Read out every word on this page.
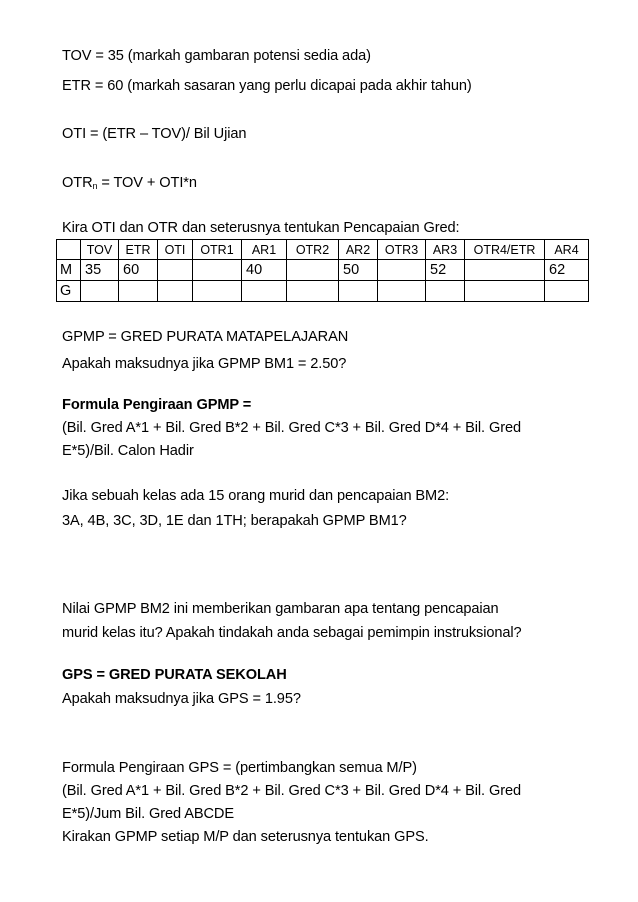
TOV = 35 (markah gambaran potensi sedia ada)
ETR = 60 (markah sasaran yang perlu dicapai pada akhir tahun)
OTI = (ETR – TOV)/ Bil Ujian
$OTR_n$ = TOV + OTI*n
Kira OTI dan OTR dan seterusnya tentukan Pencapaian Gred:
	TOV	ETR	OTI	OTR1	AR1	OTR2	AR2	OTR3	AR3	OTR4/ETR	AR4
M	35	60			40		50		52		62
G											
GPMP = GRED PURATA MATAPELAJARAN
Apakah maksudnya jika GPMP BM1 = 2.50?
Formula Pengiraan GPMP =
(Bil. Gred A*1 + Bil. Gred B*2 + Bil. Gred C*3 + Bil. Gred D*4 + Bil. Gred
E*5)/Bil. Calon Hadir
Jika sebuah kelas ada 15 orang murid dan pencapaian BM2:
3A, 4B, 3C, 3D, 1E dan 1TH; berapakah GPMP BM1?
Nilai GPMP BM2 ini memberikan gambaran apa tentang pencapaian
murid kelas itu? Apakah tindakah anda sebagai pemimpin instruksional?
GPS = GRED PURATA SEKOLAH
Apakah maksudnya jika GPS = 1.95?
Formula Pengiraan GPS = (pertimbangkan semua M/P)
(Bil. Gred A*1 + Bil. Gred B*2 + Bil. Gred C*3 + Bil. Gred D*4 + Bil. Gred
E*5)/Jum Bil. Gred ABCDE
Kirakan GPMP setiap M/P dan seterusnya tentukan GPS.
